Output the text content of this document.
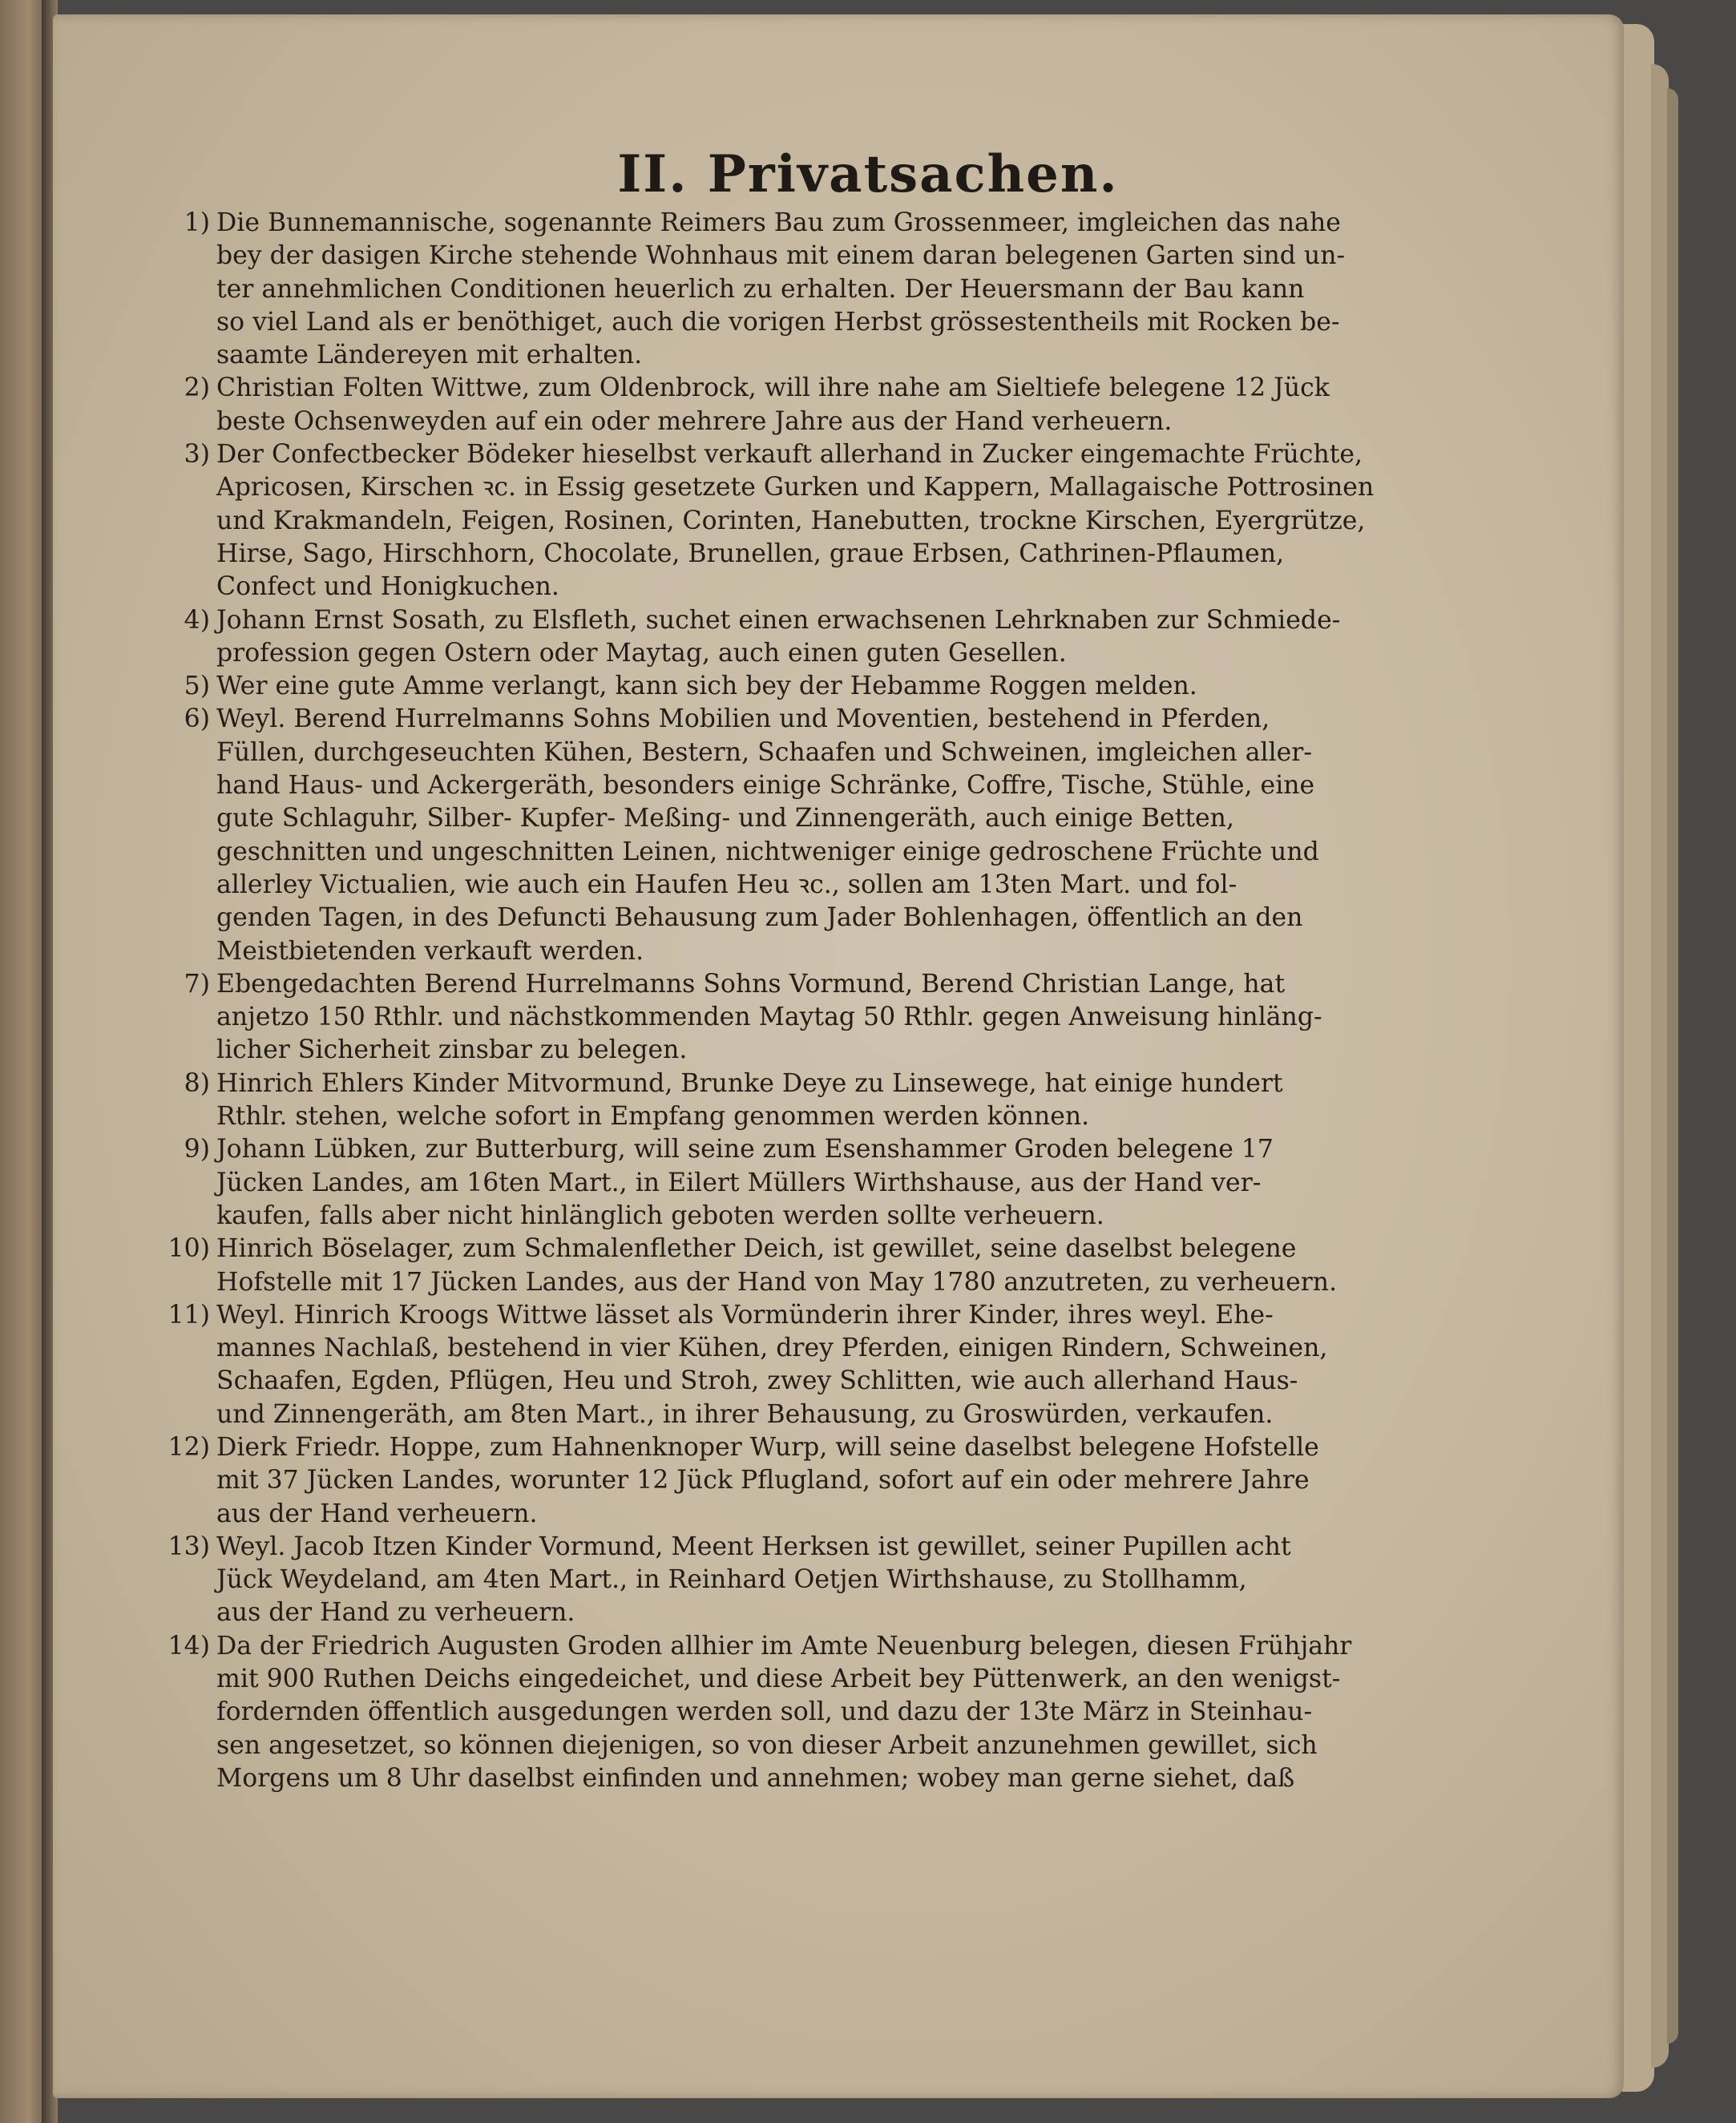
II. Privatsachen.
1) Die Bunnemannische, sogenannte Reimers Bau zum Grossenmeer, imgleichen das nahe
bey der dasigen Kirche stehende Wohnhaus mit einem daran belegenen Garten sind un-
ter annehmlichen Conditionen heuerlich zu erhalten. Der Heuersmann der Bau kann
so viel Land als er benöthiget, auch die vorigen Herbst grössestentheils mit Rocken be-
saamte Ländereyen mit erhalten.
2) Christian Folten Wittwe, zum Oldenbrock, will ihre nahe am Sieltiefe belegene 12 Jück
beste Ochsenweyden auf ein oder mehrere Jahre aus der Hand verheuern.
3) Der Confectbecker Bödeker hieselbst verkauft allerhand in Zucker eingemachte Früchte,
Apricosen, Kirschen ꝛc. in Essig gesetzete Gurken und Kappern, Mallagaische Pottrosinen
und Krakmandeln, Feigen, Rosinen, Corinten, Hanebutten, trockne Kirschen, Eyergrütze,
Hirse, Sago, Hirschhorn, Chocolate, Brunellen, graue Erbsen, Cathrinen-Pflaumen,
Confect und Honigkuchen.
4) Johann Ernst Sosath, zu Elsfleth, suchet einen erwachsenen Lehrknaben zur Schmiede-
profession gegen Ostern oder Maytag, auch einen guten Gesellen.
5) Wer eine gute Amme verlangt, kann sich bey der Hebamme Roggen melden.
6) Weyl. Berend Hurrelmanns Sohns Mobilien und Moventien, bestehend in Pferden,
Füllen, durchgeseuchten Kühen, Bestern, Schaafen und Schweinen, imgleichen aller-
hand Haus- und Ackergeräth, besonders einige Schränke, Coffre, Tische, Stühle, eine
gute Schlaguhr, Silber- Kupfer- Meßing- und Zinnengeräth, auch einige Betten,
geschnitten und ungeschnitten Leinen, nichtweniger einige gedroschene Früchte und
allerley Victualien, wie auch ein Haufen Heu ꝛc., sollen am 13ten Mart. und fol-
genden Tagen, in des Defuncti Behausung zum Jader Bohlenhagen, öffentlich an den
Meistbietenden verkauft werden.
7) Ebengedachten Berend Hurrelmanns Sohns Vormund, Berend Christian Lange, hat
anjetzo 150 Rthlr. und nächstkommenden Maytag 50 Rthlr. gegen Anweisung hinläng-
licher Sicherheit zinsbar zu belegen.
8) Hinrich Ehlers Kinder Mitvormund, Brunke Deye zu Linsewege, hat einige hundert
Rthlr. stehen, welche sofort in Empfang genommen werden können.
9) Johann Lübken, zur Butterburg, will seine zum Esenshammer Groden belegene 17
Jücken Landes, am 16ten Mart., in Eilert Müllers Wirthshause, aus der Hand ver-
kaufen, falls aber nicht hinlänglich geboten werden sollte verheuern.
10) Hinrich Böselager, zum Schmalenflether Deich, ist gewillet, seine daselbst belegene
Hofstelle mit 17 Jücken Landes, aus der Hand von May 1780 anzutreten, zu verheuern.
11) Weyl. Hinrich Kroogs Wittwe lässet als Vormünderin ihrer Kinder, ihres weyl. Ehe-
mannes Nachlaß, bestehend in vier Kühen, drey Pferden, einigen Rindern, Schweinen,
Schaafen, Egden, Pflügen, Heu und Stroh, zwey Schlitten, wie auch allerhand Haus-
und Zinnengeräth, am 8ten Mart., in ihrer Behausung, zu Groswürden, verkaufen.
12) Dierk Friedr. Hoppe, zum Hahnenknoper Wurp, will seine daselbst belegene Hofstelle
mit 37 Jücken Landes, worunter 12 Jück Pflugland, sofort auf ein oder mehrere Jahre
aus der Hand verheuern.
13) Weyl. Jacob Itzen Kinder Vormund, Meent Herksen ist gewillet, seiner Pupillen acht
Jück Weydeland, am 4ten Mart., in Reinhard Oetjen Wirthshause, zu Stollhamm,
aus der Hand zu verheuern.
14) Da der Friedrich Augusten Groden allhier im Amte Neuenburg belegen, diesen Frühjahr
mit 900 Ruthen Deichs eingedeichet, und diese Arbeit bey Püttenwerk, an den wenigst-
fordernden öffentlich ausgedungen werden soll, und dazu der 13te März in Steinhau-
sen angesetzet, so können diejenigen, so von dieser Arbeit anzunehmen gewillet, sich
Morgens um 8 Uhr daselbst einfinden und annehmen; wobey man gerne siehet, daß
